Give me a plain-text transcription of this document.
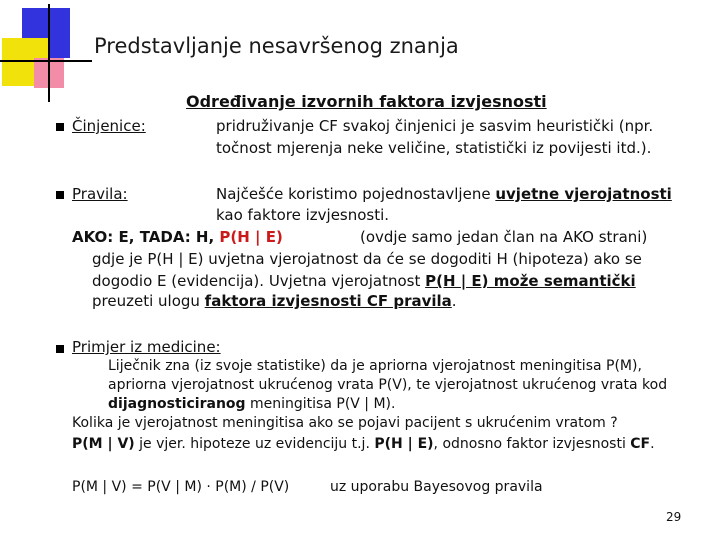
Predstavljanje nesavršenog znanja
Određivanje izvornih faktora izvjesnosti
Činjenice:	pridruživanje CF svakoj činjenici je sasvim heuristički (npr.
točnost mjerenja neke veličine, statistički iz povijesti itd.).
Pravila:	Najčešće koristimo pojednostavljene uvjetne vjerojatnosti
kao faktore izvjesnosti.
AKO: E, TADA: H, P(H | E)	(ovdje samo jedan član na AKO strani)
gdje je P(H | E) uvjetna vjerojatnost da će se dogoditi H (hipoteza) ako se
dogodio E (evidencija). Uvjetna vjerojatnost P(H | E) može semantički
preuzeti ulogu faktora izvjesnosti CF pravila.
Primjer iz medicine:
Liječnik zna (iz svoje statistike) da je apriorna vjerojatnost meningitisa P(M),
apriorna vjerojatnost ukrućenog vrata P(V), te vjerojatnost ukrućenog vrata kod
dijagnosticiranog meningitisa P(V | M).
Kolika je vjerojatnost meningitisa ako se pojavi pacijent s ukrućenim vratom ?
P(M | V) je vjer. hipoteze uz evidenciju t.j. P(H | E), odnosno faktor izvjesnosti CF.
P(M | V) = P(V | M) · P(M) / P(V)	uz uporabu Bayesovog pravila
29
